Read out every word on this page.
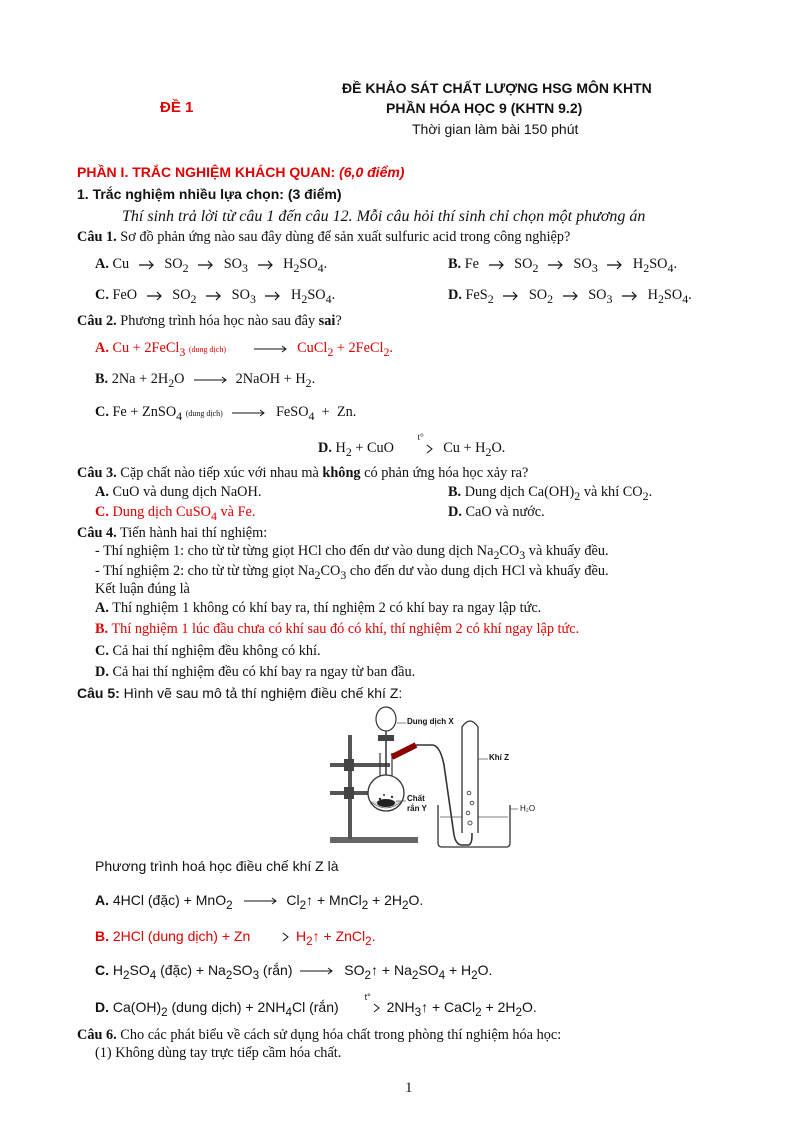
ĐỀ 1
ĐỀ KHẢO SÁT CHẤT LƯỢNG HSG MÔN KHTN
PHẦN HÓA HỌC 9 (KHTN 9.2)
Thời gian làm bài 150 phút
PHẦN I. TRẮC NGHIỆM KHÁCH QUAN: (6,0 điểm)
1. Trắc nghiệm nhiều lựa chọn: (3 điểm)
Thí sinh trả lời từ câu 1 đến câu 12. Mỗi câu hỏi thí sinh chỉ chọn một phương án
Câu 1. Sơ đồ phản ứng nào sau đây dùng để sản xuất sulfuric acid trong công nghiệp?
A. Cu  $SO_2$  $SO_3$  $H_2SO_4$.	B. Fe  $SO_2$  $SO_3$  $H_2SO_4$.
C. FeO  $SO_2$  $SO_3$  $H_2SO_4$.	D. FeS$_2$  $SO_2$  $SO_3$  $H_2SO_4$.
Câu 2. Phương trình hóa học nào sau đây sai?
A. Cu + 2FeCl$_3$ (dung dịch)	CuCl$_2$ + 2FeCl$_2$.
B. $2Na + 2H_2O$	2NaOH + $H_2$.
C. Fe + ZnSO$_4$ (dung dịch)	FeSO$_4$  +  Zn.
D. $H_2$ + CuO $^{t^\circ}$ $Cu + H_2O$.
Câu 3. Cặp chất nào tiếp xúc với nhau mà không có phản ứng hóa học xảy ra?
A. CuO và dung dịch NaOH.	B. Dung dịch $Ca(OH)_2$ và khí $CO_2$.
C. Dung dịch CuSO$_4$ và Fe.	D. CaO và nước.
Câu 4. Tiến hành hai thí nghiệm:
- Thí nghiệm 1: cho từ từ từng giọt HCl cho đến dư vào dung dịch $Na_2CO_3$ và khuấy đều.
- Thí nghiệm 2: cho từ từ từng giọt $Na_2CO_3$ cho đến dư vào dung dịch HCl và khuấy đều.
Kết luận đúng là
A. Thí nghiệm 1 không có khí bay ra, thí nghiệm 2 có khí bay ra ngay lập tức.
B. Thí nghiệm 1 lúc đầu chưa có khí sau đó có khí, thí nghiệm 2 có khí ngay lập tức.
C. Cả hai thí nghiệm đều không có khí.
D. Cả hai thí nghiệm đều có khí bay ra ngay từ ban đầu.
Câu 5: Hình vẽ sau mô tả thí nghiệm điều chế khí Z:
Dung dịch X
Khí Z
Chất
rắn Y	H₂O
Phương trình hoá học điều chế khí Z là
A. 4HCl (đặc) + MnO$_2$	$Cl_2↑$ + MnCl$_2$ + $2H_2O$.
B. 2HCl (dung dịch) + Zn	$H_2↑$ + ZnCl$_2$.
C. $H_2SO_4$ (đặc) + $Na_2SO_3$ (rắn)	$SO_2↑ + Na_2SO_4 + H_2O$.
D. $Ca(OH)_2$ (dung dịch) + $2NH_4Cl$ (rắn) $^{t^\circ}$ $2NH_3↑$ + CaCl$_2$ + $2H_2O$.
Câu 6. Cho các phát biểu về cách sử dụng hóa chất trong phòng thí nghiệm hóa học:
(1) Không dùng tay trực tiếp cầm hóa chất.
1
